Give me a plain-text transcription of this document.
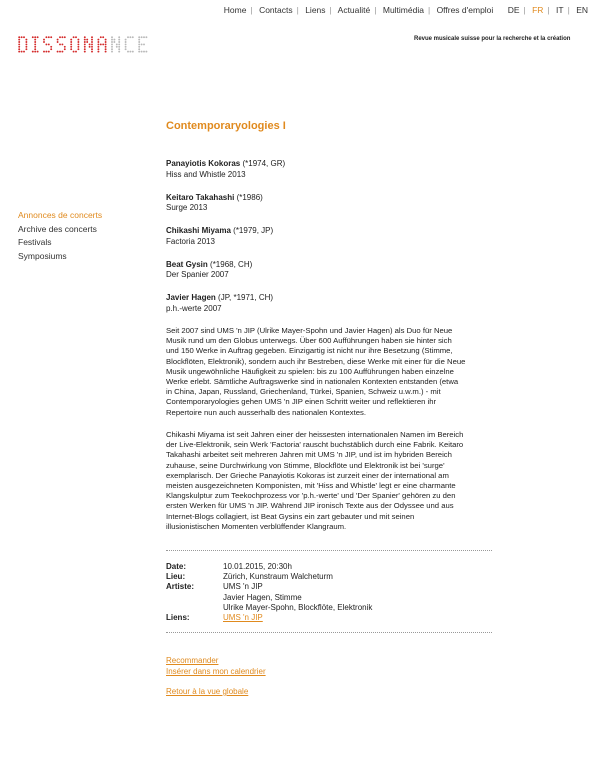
Home | Contacts | Liens | Actualité | Multimédia | Offres d'emploi DE | FR | IT | EN
Revue musicale suisse pour la recherche et la création
Contemporaryologies I
Annonces de concerts
Archive des concerts
Festivals
Symposiums
Panayiotis Kokoras (*1974, GR)
Hiss and Whistle 2013
Keitaro Takahashi (*1986)
Surge 2013
Chikashi Miyama (*1979, JP)
Factoria 2013
Beat Gysin (*1968, CH)
Der Spanier 2007
Javier Hagen (JP, *1971, CH)
p.h.-werte 2007
Seit 2007 sind UMS 'n JIP (Ulrike Mayer-Spohn und Javier Hagen) als Duo für Neue Musik rund um den Globus unterwegs. Über 600 Aufführungen haben sie hinter sich und 150 Werke in Auftrag gegeben. Einzigartig ist nicht nur ihre Besetzung (Stimme, Blockflöten, Elektronik), sondern auch ihr Bestreben, diese Werke mit einer für die Neue Musik ungewöhnliche Häufigkeit zu spielen: bis zu 100 Aufführungen haben einzelne Werke erlebt. Sämtliche Auftragswerke sind in nationalen Kontexten entstanden (etwa in China, Japan, Russland, Griechenland, Türkei, Spanien, Schweiz u.w.m.) - mit Contemporaryologies gehen UMS 'n JIP einen Schritt weiter und reflektieren ihr Repertoire nun auch ausserhalb des nationalen Kontextes.
Chikashi Miyama ist seit Jahren einer der heissesten internationalen Namen im Bereich der Live-Elektronik, sein Werk 'Factoria' rauscht buchstäblich durch eine Fabrik. Keitaro Takahashi arbeitet seit mehreren Jahren mit UMS 'n JIP, und ist im hybriden Bereich zuhause, seine Durchwirkung von Stimme, Blockflöte und Elektronik ist bei 'surge' exemplarisch. Der Grieche Panayiotis Kokoras ist zurzeit einer der international am meisten ausgezeichneten Komponisten, mit 'Hiss and Whistle' legt er eine charmante Klangskulptur zum Teekochprozess vor 'p.h.-werte' und 'Der Spanier' gehören zu den ersten Werken für UMS 'n JIP. Während JIP ironisch Texte aus der Odyssee und aus Internet-Blogs collagiert, ist Beat Gysins ein zart gebauter und mit seinen illusionistischen Momenten verblüffender Klangraum.
Date:	10.01.2015, 20:30h
Lieu:	Zürich, Kunstraum Walcheturm
Artiste:	UMS 'n JIP
Javier Hagen, Stimme
Ulrike Mayer-Spohn, Blockflöte, Elektronik
Liens:	UMS 'n JIP
Recommander
Insérer dans mon calendrier
Retour à la vue globale
